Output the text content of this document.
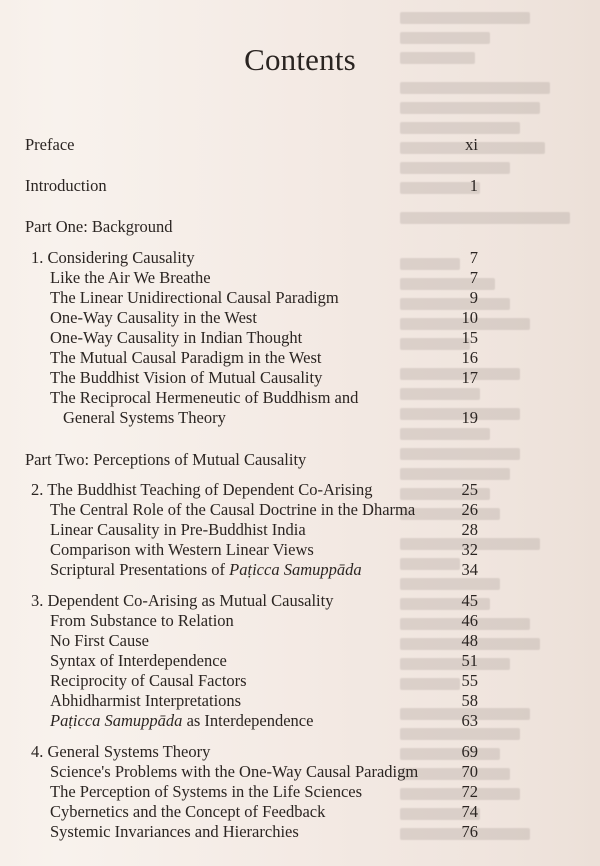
Contents
Preface	xi
Introduction	1
Part One: Background
1. Considering Causality	7
Like the Air We Breathe	7
The Linear Unidirectional Causal Paradigm	9
One-Way Causality in the West	10
One-Way Causality in Indian Thought	15
The Mutual Causal Paradigm in the West	16
The Buddhist Vision of Mutual Causality	17
The Reciprocal Hermeneutic of Buddhism and
General Systems Theory	19
Part Two: Perceptions of Mutual Causality
2. The Buddhist Teaching of Dependent Co-Arising	25
The Central Role of the Causal Doctrine in the Dharma	26
Linear Causality in Pre-Buddhist India	28
Comparison with Western Linear Views	32
Scriptural Presentations of Paṭicca Samuppāda	34
3. Dependent Co-Arising as Mutual Causality	45
From Substance to Relation	46
No First Cause	48
Syntax of Interdependence	51
Reciprocity of Causal Factors	55
Abhidharmist Interpretations	58
Paṭicca Samuppāda as Interdependence	63
4. General Systems Theory	69
Science's Problems with the One-Way Causal Paradigm	70
The Perception of Systems in the Life Sciences	72
Cybernetics and the Concept of Feedback	74
Systemic Invariances and Hierarchies	76
